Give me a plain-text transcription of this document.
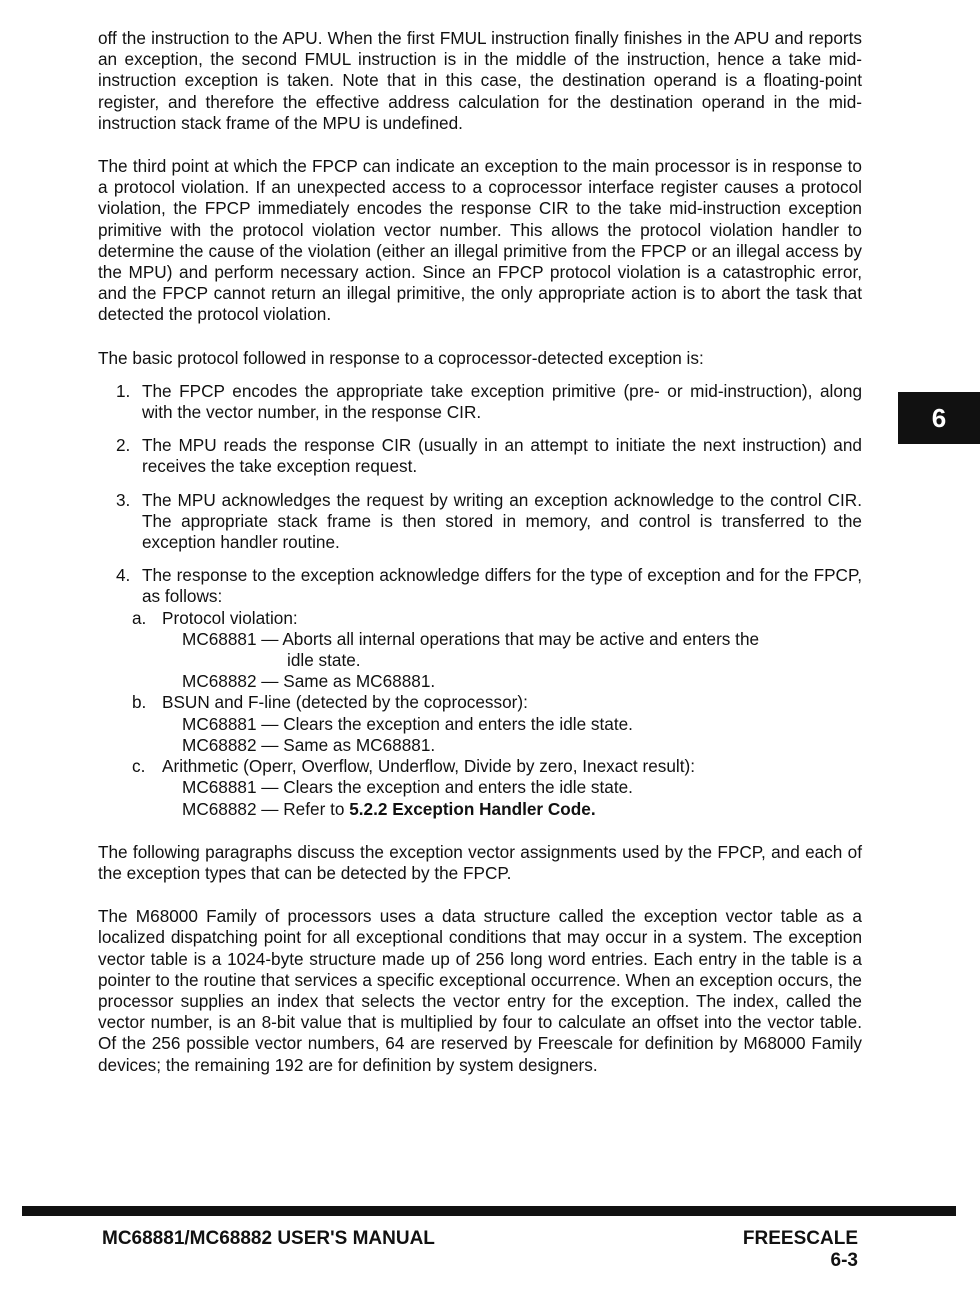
off the instruction to the APU. When the first FMUL instruction finally finishes in the APU and reports an exception, the second FMUL instruction is in the middle of the instruction, hence a take mid-instruction exception is taken. Note that in this case, the destination operand is a floating-point register, and therefore the effective address calculation for the destination operand in the mid-instruction stack frame of the MPU is undefined.

The third point at which the FPCP can indicate an exception to the main processor is in response to a protocol violation. If an unexpected access to a coprocessor interface register causes a protocol violation, the FPCP immediately encodes the response CIR to the take mid-instruction exception primitive with the protocol violation vector number. This allows the protocol violation handler to determine the cause of the violation (either an illegal primitive from the FPCP or an illegal access by the MPU) and perform necessary action. Since an FPCP protocol violation is a catastrophic error, and the FPCP cannot return an illegal primitive, the only appropriate action is to abort the task that detected the protocol violation.

The basic protocol followed in response to a coprocessor-detected exception is:

1. The FPCP encodes the appropriate take exception primitive (pre- or mid-instruction), along with the vector number, in the response CIR.
2. The MPU reads the response CIR (usually in an attempt to initiate the next instruction) and receives the take exception request.
3. The MPU acknowledges the request by writing an exception acknowledge to the control CIR. The appropriate stack frame is then stored in memory, and control is transferred to the exception handler routine.
4. The response to the exception acknowledge differs for the type of exception and for the FPCP, as follows:
a. Protocol violation:
MC68881 — Aborts all internal operations that may be active and enters the
idle state.
MC68882 — Same as MC68881.
b. BSUN and F-line (detected by the coprocessor):
MC68881 — Clears the exception and enters the idle state.
MC68882 — Same as MC68881.
c. Arithmetic (Operr, Overflow, Underflow, Divide by zero, Inexact result):
MC68881 — Clears the exception and enters the idle state.
MC68882 — Refer to 5.2.2 Exception Handler Code.

The following paragraphs discuss the exception vector assignments used by the FPCP, and each of the exception types that can be detected by the FPCP.

The M68000 Family of processors uses a data structure called the exception vector table as a localized dispatching point for all exceptional conditions that may occur in a system. The exception vector table is a 1024-byte structure made up of 256 long word entries. Each entry in the table is a pointer to the routine that services a specific exceptional occurrence. When an exception occurs, the processor supplies an index that selects the vector entry for the exception. The index, called the vector number, is an 8-bit value that is multiplied by four to calculate an offset into the vector table. Of the 256 possible vector numbers, 64 are reserved by Freescale for definition by M68000 Family devices; the remaining 192 are for definition by system designers.

6
MC68881/MC68882 USER'S MANUAL	FREESCALE
6-3
